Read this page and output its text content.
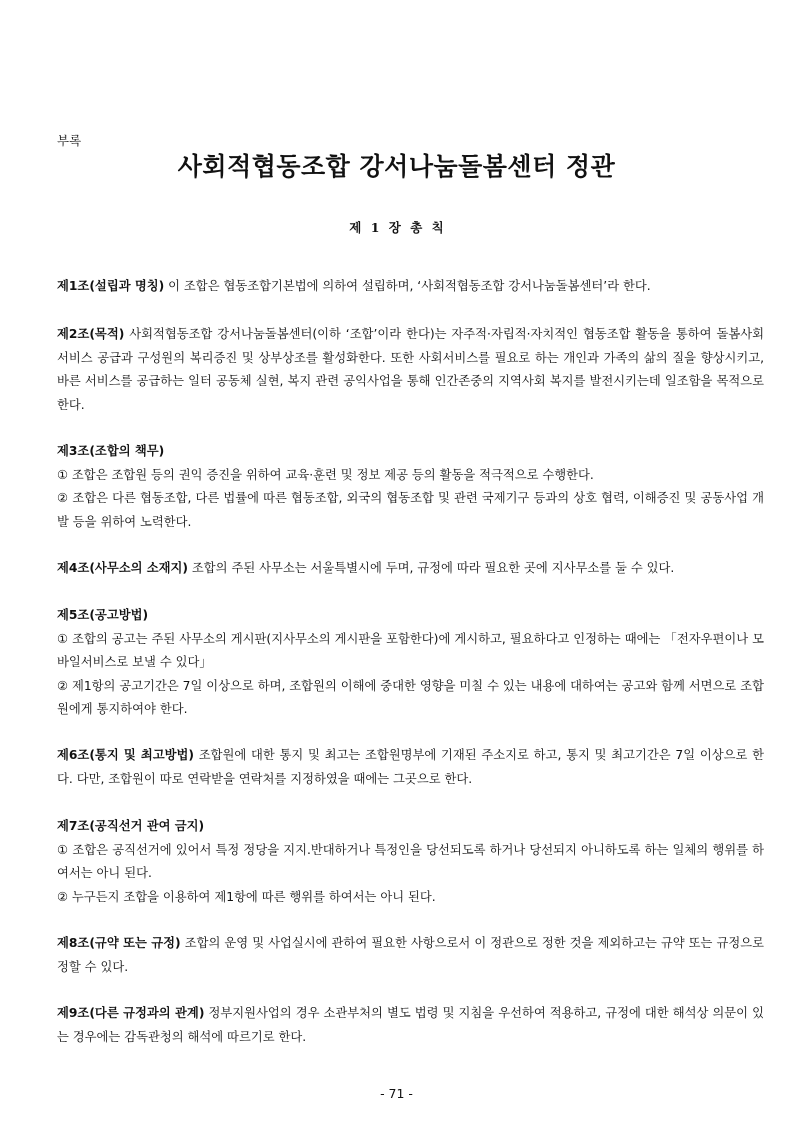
부록
사회적협동조합 강서나눔돌봄센터 정관
제 1 장 총 칙
제1조(설립과 명칭) 이 조합은 협동조합기본법에 의하여 설립하며, ‘사회적협동조합 강서나눔돌봄센터’라 한다.
제2조(목적) 사회적협동조합 강서나눔돌봄센터(이하 ‘조합’이라 한다)는 자주적·자립적·자치적인 협동조합 활동을 통하여 돌봄사회서비스 공급과 구성원의 복리증진 및 상부상조를 활성화한다. 또한 사회서비스를 필요로 하는 개인과 가족의 삶의 질을 향상시키고, 바른 서비스를 공급하는 일터 공동체 실현, 복지 관련 공익사업을 통해 인간존중의 지역사회 복지를 발전시키는데 일조함을 목적으로 한다.
제3조(조합의 책무)
① 조합은 조합원 등의 권익 증진을 위하여 교육·훈련 및 정보 제공 등의 활동을 적극적으로 수행한다.
② 조합은 다른 협동조합, 다른 법률에 따른 협동조합, 외국의 협동조합 및 관련 국제기구 등과의 상호 협력, 이해증진 및 공동사업 개발 등을 위하여 노력한다.
제4조(사무소의 소재지) 조합의 주된 사무소는 서울특별시에 두며, 규정에 따라 필요한 곳에 지사무소를 둘 수 있다.
제5조(공고방법)
① 조합의 공고는 주된 사무소의 게시판(지사무소의 게시판을 포함한다)에 게시하고, 필요하다고 인정하는 때에는 「전자우편이나 모바일서비스로 보낼 수 있다」
② 제1항의 공고기간은 7일 이상으로 하며, 조합원의 이해에 중대한 영향을 미칠 수 있는 내용에 대하여는 공고와 함께 서면으로 조합원에게 통지하여야 한다.
제6조(통지 및 최고방법) 조합원에 대한 통지 및 최고는 조합원명부에 기재된 주소지로 하고, 통지 및 최고기간은 7일 이상으로 한다. 다만, 조합원이 따로 연락받을 연락처를 지정하였을 때에는 그곳으로 한다.
제7조(공직선거 관여 금지)
① 조합은 공직선거에 있어서 특정 정당을 지지.반대하거나 특정인을 당선되도록 하거나 당선되지 아니하도록 하는 일체의 행위를 하여서는 아니 된다.
② 누구든지 조합을 이용하여 제1항에 따른 행위를 하여서는 아니 된다.
제8조(규약 또는 규정) 조합의 운영 및 사업실시에 관하여 필요한 사항으로서 이 정관으로 정한 것을 제외하고는 규약 또는 규정으로 정할 수 있다.
제9조(다른 규정과의 관계) 정부지원사업의 경우 소관부처의 별도 법령 및 지침을 우선하여 적용하고, 규정에 대한 해석상 의문이 있는 경우에는 감독관청의 해석에 따르기로 한다.
- 71 -
